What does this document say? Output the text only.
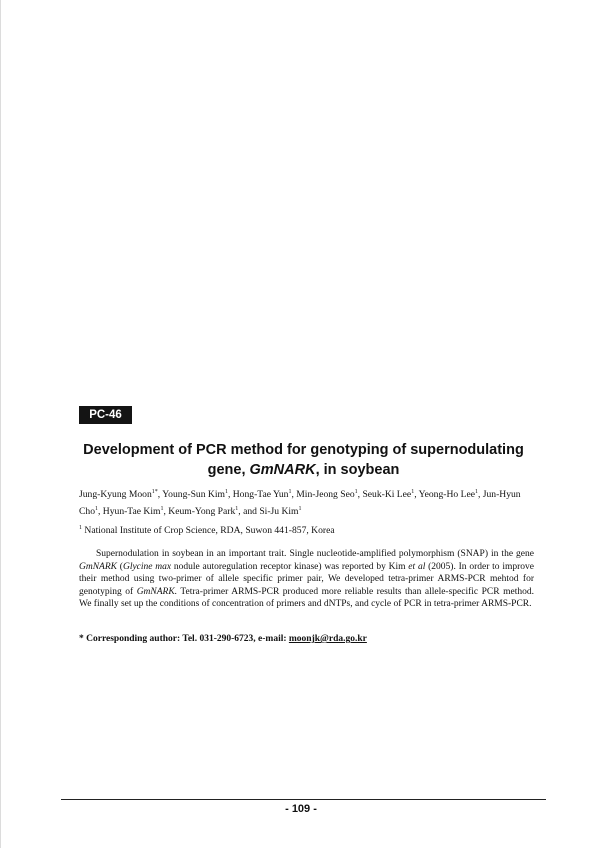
PC-46
Development of PCR method for genotyping of supernodulating
gene, GmNARK, in soybean
Jung-Kyung Moon$^{1*}$, Young-Sun Kim$^1$, Hong-Tae Yun$^1$, Min-Jeong Seo$^1$, Seuk-Ki Lee$^1$, Yeong-Ho Lee$^1$, Jun-Hyun Cho$^1$, Hyun-Tae Kim$^1$, Keum-Yong Park$^1$, and Si-Ju Kim$^1$
$^1$ National Institute of Crop Science, RDA, Suwon 441-857, Korea
Supernodulation in soybean in an important trait. Single nucleotide-amplified polymorphism (SNAP) in the gene GmNARK (Glycine max nodule autoregulation receptor kinase) was reported by Kim et al (2005). In order to improve their method using two-primer of allele specific primer pair, We developed tetra-primer ARMS-PCR mehtod for genotyping of GmNARK. Tetra-primer ARMS-PCR produced more reliable results than allele-specific PCR method. We finally set up the conditions of concentration of primers and dNTPs, and cycle of PCR in tetra-primer ARMS-PCR.
* Corresponding author: Tel. 031-290-6723, e-mail: moonjk@rda.go.kr
- 109 -
